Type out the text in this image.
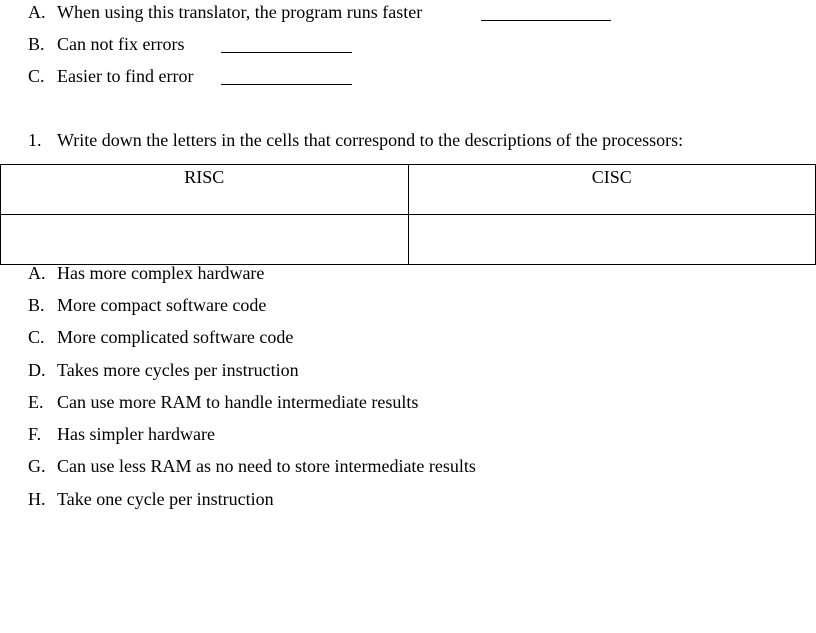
A. When using this translator, the program runs faster
B. Can not fix errors
C. Easier to find error
1. Write down the letters in the cells that correspond to the descriptions of the processors:
RISC	CISC

A. Has more complex hardware
B. More compact software code
C. More complicated software code
D. Takes more cycles per instruction
E. Can use more RAM to handle intermediate results
F. Has simpler hardware
G. Can use less RAM as no need to store intermediate results
H. Take one cycle per instruction
